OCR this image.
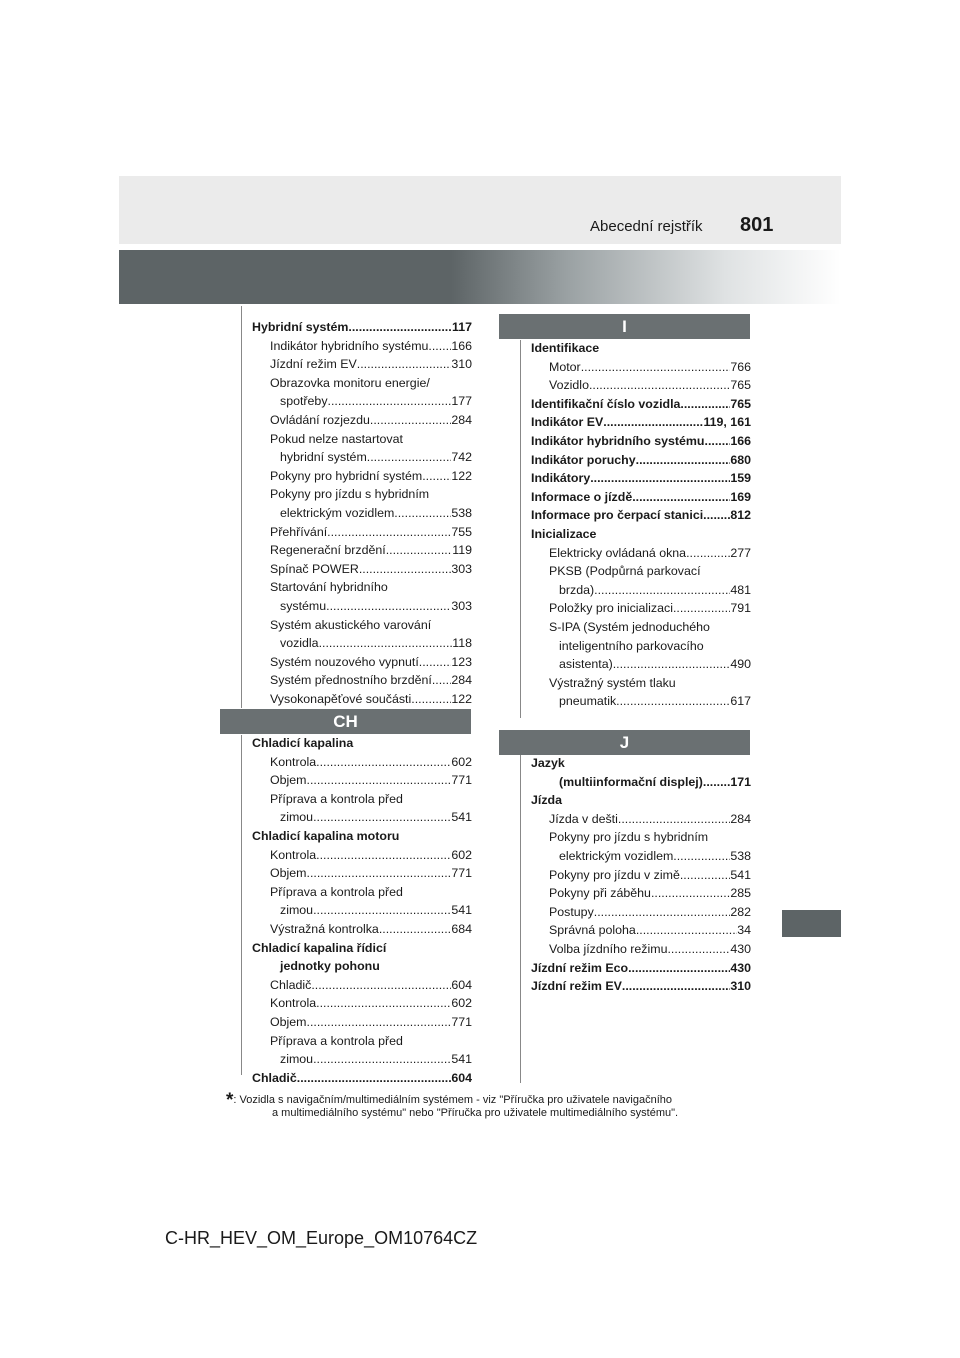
Abecední rejstřík 801
Hybridní systém .....	117
Indikátor hybridního systému ..... 166
Jízdní režim EV .....	310
Obrazovka monitoru energie/
spotřeby .....	177
Ovládání rozjezdu .....	284
Pokud nelze nastartovat
hybridní systém .....	742
Pokyny pro hybridní systém ..... 122
Pokyny pro jízdu s hybridním
elektrickým vozidlem .....	538
Přehřívání .....	755
Regenerační brzdění .....	119
Spínač POWER .....	303
Startování hybridního
systému .....	303
Systém akustického varování
vozidla .....	118
Systém nouzového vypnutí .....	123
Systém přednostního brzdění ..... 284
Vysokonapěťové součásti .....	122
CH
Chladicí kapalina
Kontrola .....	602
Objem .....	771
Příprava a kontrola před
zimou .....	541
Chladicí kapalina motoru
Kontrola .....	602
Objem .....	771
Příprava a kontrola před
zimou .....	541
Výstražná kontrolka .....	684
Chladicí kapalina řídicí
jednotky pohonu
Chladič .....	604
Kontrola .....	602
Objem .....	771
Příprava a kontrola před
zimou .....	541
Chladič .....	604
I
Identifikace
Motor .....	766
Vozidlo .....	765
Identifikační číslo vozidla .....	765
Indikátor EV .....	119, 161
Indikátor hybridního systému ..... 166
Indikátor poruchy .....	680
Indikátory .....	159
Informace o jízdě .....	169
Informace pro čerpací stanici ..... 812
Inicializace
Elektricky ovládaná okna .....	277
PKSB (Podpůrná parkovací
brzda) .....	481
Položky pro inicializaci .....	791
S-IPA (Systém jednoduchého
inteligentního parkovacího
asistenta) .....	490
Výstražný systém tlaku
pneumatik .....	617
J
Jazyk
(multiinformační displej) ..... 171
Jízda
Jízda v dešti .....	284
Pokyny pro jízdu s hybridním
elektrickým vozidlem .....	538
Pokyny pro jízdu v zimě .....	541
Pokyny při záběhu .....	285
Postupy .....	282
Správná poloha .....	34
Volba jízdního režimu .....	430
Jízdní režim Eco .....	430
Jízdní režim EV .....	310
*: Vozidla s navigačním/multimediálním systémem - viz "Příručka pro uživatele navigačního
a multimediálního systému" nebo "Příručka pro uživatele multimediálního systému".
C-HR_HEV_OM_Europe_OM10764CZ
